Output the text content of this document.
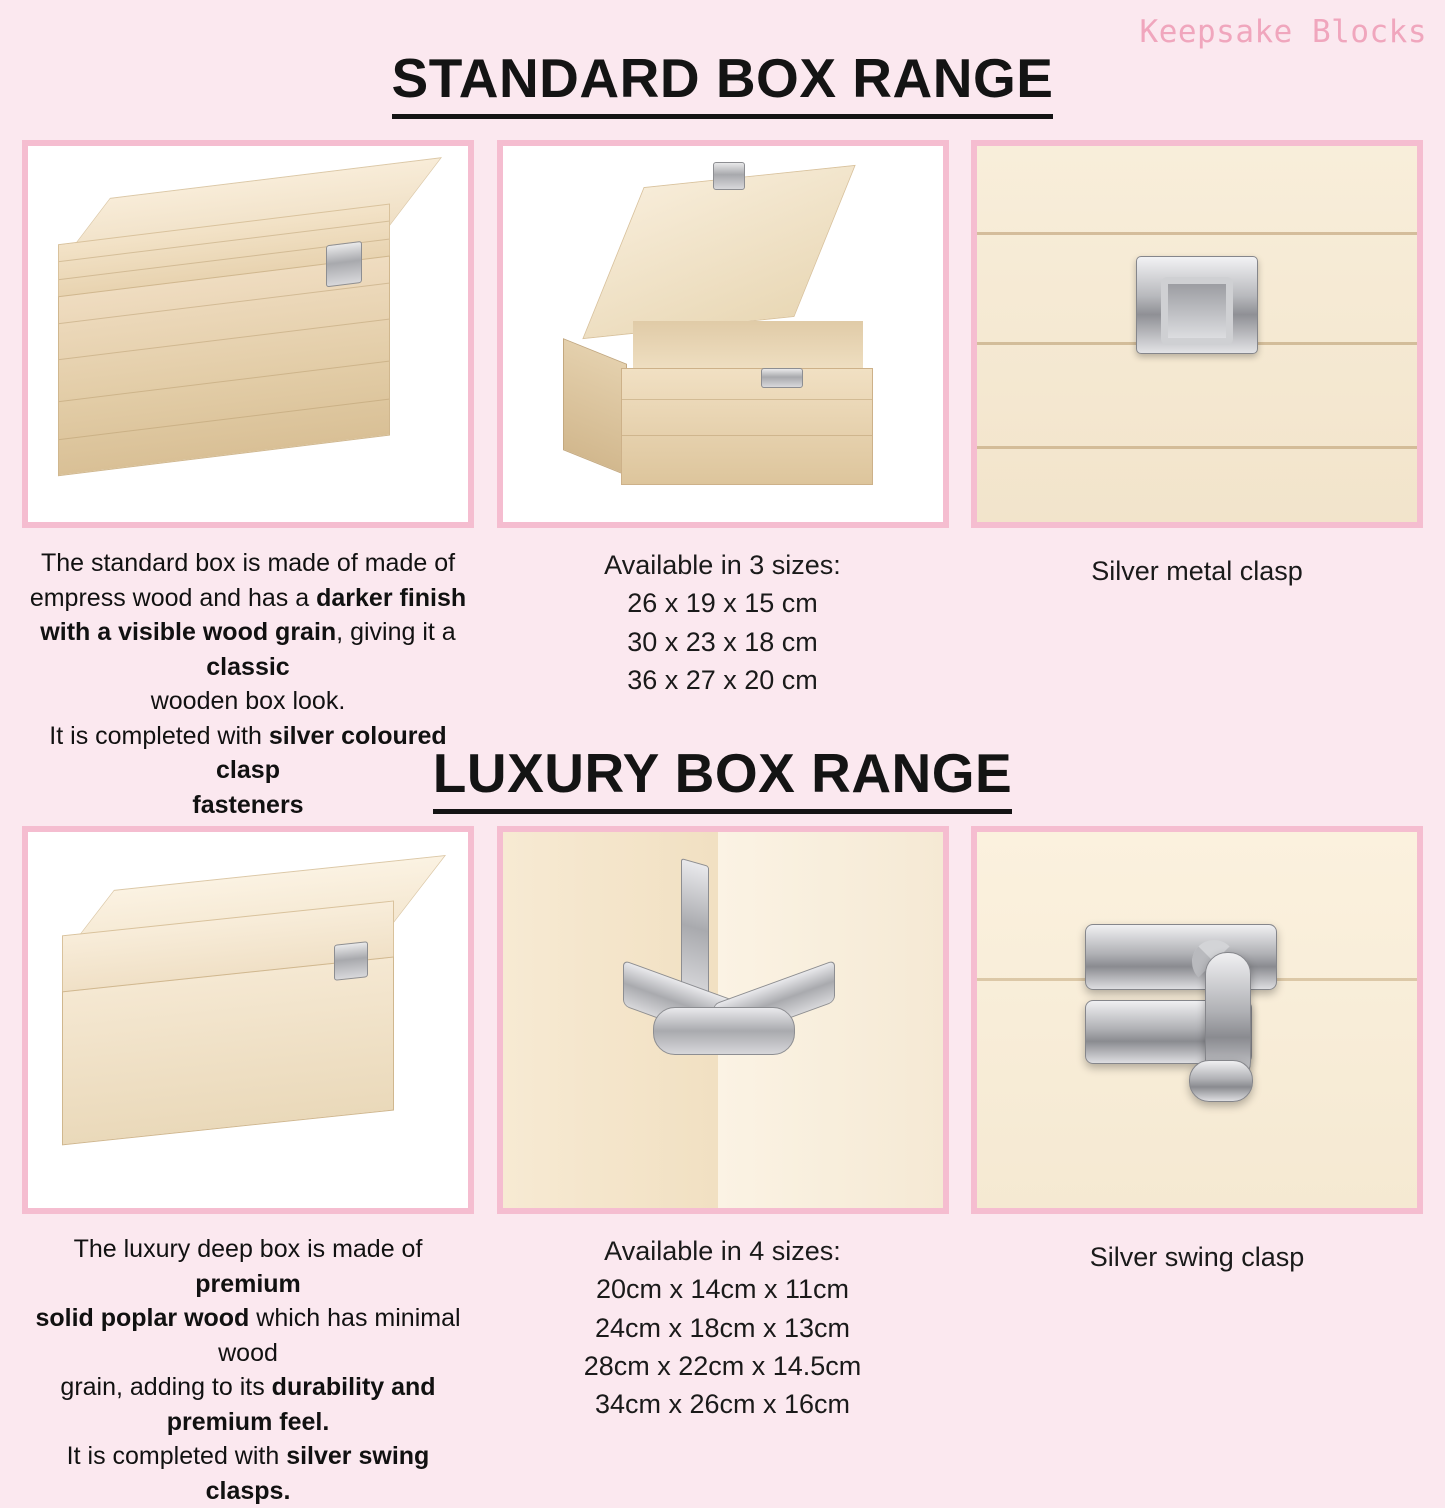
Keepsake Blocks
STANDARD BOX RANGE
The standard box is made of made of
empress wood and has a darker finish
with a visible wood grain, giving it a classic
wooden box look.
It is completed with silver coloured clasp
fasteners
Available in 3 sizes:
26 x 19 x 15 cm
30 x 23 x 18 cm
36 x 27 x 20 cm
Silver metal clasp
LUXURY BOX RANGE
The luxury deep box is made of premium
solid poplar wood which has minimal wood
grain, adding to its durability and
premium feel.
It is completed with silver swing clasps.
Available in 4 sizes:
20cm x 14cm x 11cm
24cm x 18cm x 13cm
28cm x 22cm x 14.5cm
34cm x 26cm x 16cm
Silver swing clasp
